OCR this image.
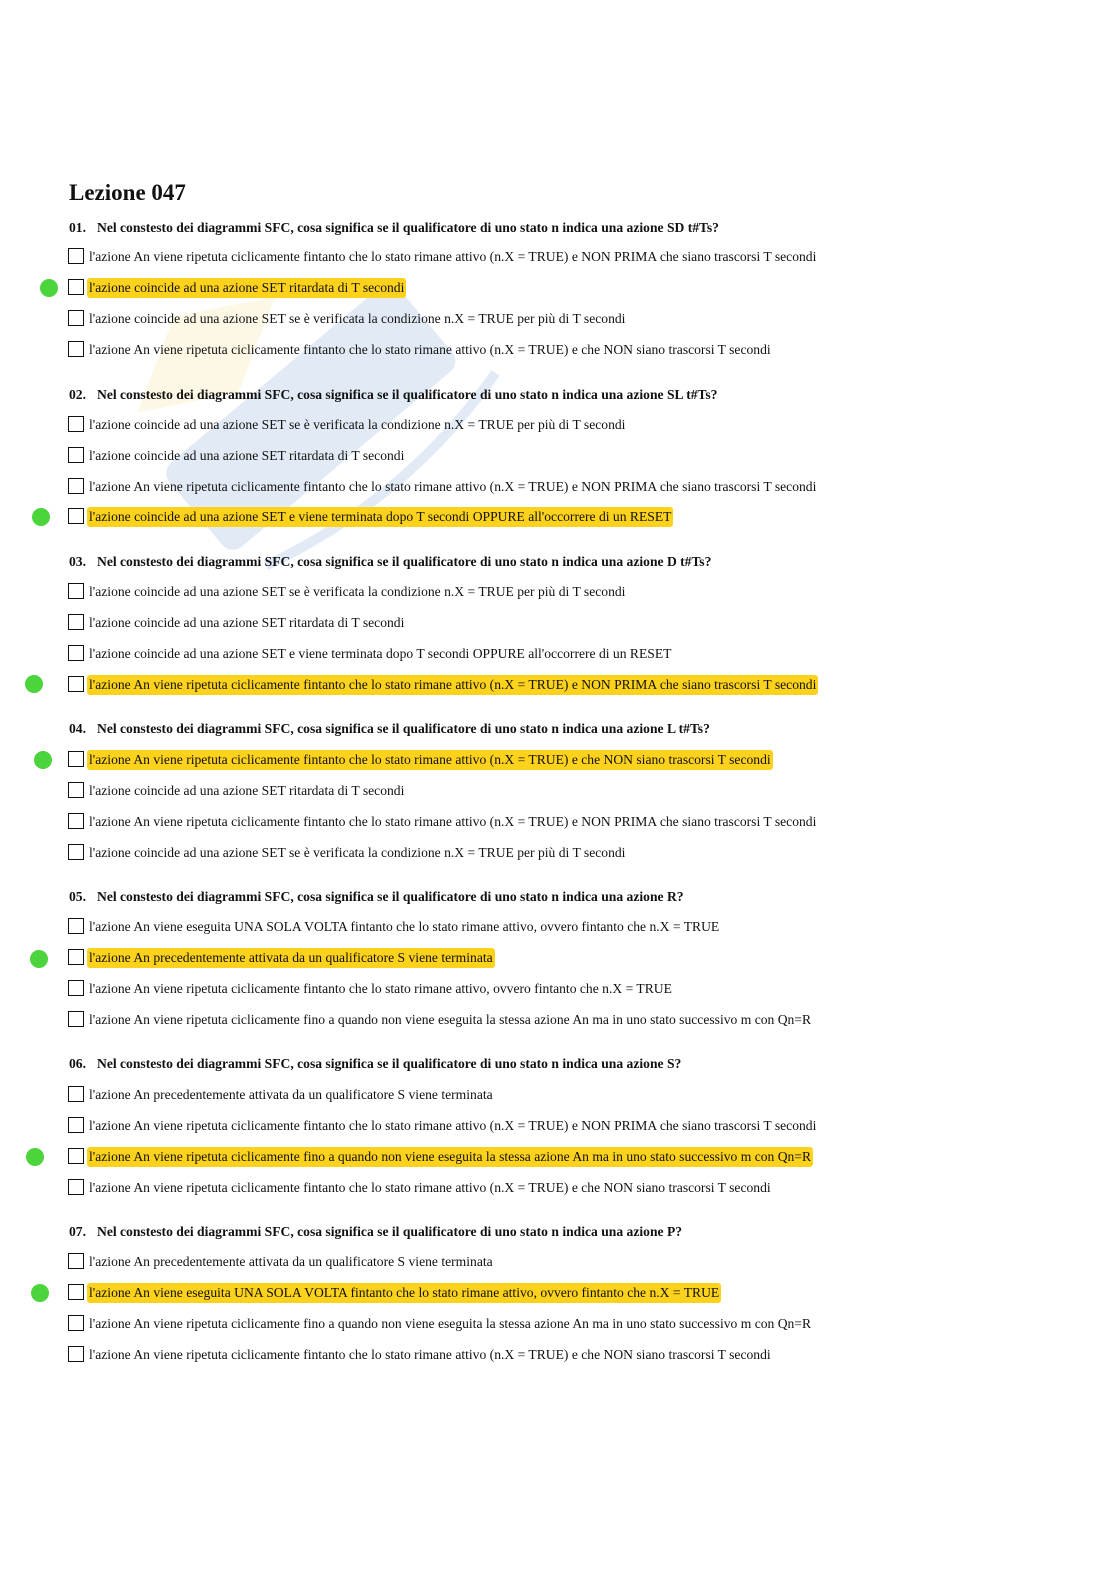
Lezione 047

01. Nel constesto dei diagrammi SFC, cosa significa se il qualificatore di uno stato n indica una azione SD t#Ts?

l'azione An viene ripetuta ciclicamente fintanto che lo stato rimane attivo (n.X = TRUE) e NON PRIMA che siano trascorsi T secondi
l'azione coincide ad una azione SET ritardata di T secondi
l'azione coincide ad una azione SET se è verificata la condizione n.X = TRUE per più di T secondi
l'azione An viene ripetuta ciclicamente fintanto che lo stato rimane attivo (n.X = TRUE) e che NON siano trascorsi T secondi

02. Nel constesto dei diagrammi SFC, cosa significa se il qualificatore di uno stato n indica una azione SL t#Ts?

l'azione coincide ad una azione SET se è verificata la condizione n.X = TRUE per più di T secondi
l'azione coincide ad una azione SET ritardata di T secondi
l'azione An viene ripetuta ciclicamente fintanto che lo stato rimane attivo (n.X = TRUE) e NON PRIMA che siano trascorsi T secondi
l'azione coincide ad una azione SET e viene terminata dopo T secondi OPPURE all'occorrere di un RESET

03. Nel constesto dei diagrammi SFC, cosa significa se il qualificatore di uno stato n indica una azione D t#Ts?

l'azione coincide ad una azione SET se è verificata la condizione n.X = TRUE per più di T secondi
l'azione coincide ad una azione SET ritardata di T secondi
l'azione coincide ad una azione SET e viene terminata dopo T secondi OPPURE all'occorrere di un RESET
l'azione An viene ripetuta ciclicamente fintanto che lo stato rimane attivo (n.X = TRUE) e NON PRIMA che siano trascorsi T secondi

04. Nel constesto dei diagrammi SFC, cosa significa se il qualificatore di uno stato n indica una azione L t#Ts?

l'azione An viene ripetuta ciclicamente fintanto che lo stato rimane attivo (n.X = TRUE) e che NON siano trascorsi T secondi
l'azione coincide ad una azione SET ritardata di T secondi
l'azione An viene ripetuta ciclicamente fintanto che lo stato rimane attivo (n.X = TRUE) e NON PRIMA che siano trascorsi T secondi
l'azione coincide ad una azione SET se è verificata la condizione n.X = TRUE per più di T secondi

05. Nel constesto dei diagrammi SFC, cosa significa se il qualificatore di uno stato n indica una azione R?

l'azione An viene eseguita UNA SOLA VOLTA fintanto che lo stato rimane attivo, ovvero fintanto che n.X = TRUE
l'azione An precedentemente attivata da un qualificatore S viene terminata
l'azione An viene ripetuta ciclicamente fintanto che lo stato rimane attivo, ovvero fintanto che n.X = TRUE
l'azione An viene ripetuta ciclicamente fino a quando non viene eseguita la stessa azione An ma in uno stato successivo m con Qn=R

06. Nel constesto dei diagrammi SFC, cosa significa se il qualificatore di uno stato n indica una azione S?

l'azione An precedentemente attivata da un qualificatore S viene terminata
l'azione An viene ripetuta ciclicamente fintanto che lo stato rimane attivo (n.X = TRUE) e NON PRIMA che siano trascorsi T secondi
l'azione An viene ripetuta ciclicamente fino a quando non viene eseguita la stessa azione An ma in uno stato successivo m con Qn=R
l'azione An viene ripetuta ciclicamente fintanto che lo stato rimane attivo (n.X = TRUE) e che NON siano trascorsi T secondi

07. Nel constesto dei diagrammi SFC, cosa significa se il qualificatore di uno stato n indica una azione P?

l'azione An precedentemente attivata da un qualificatore S viene terminata
l'azione An viene eseguita UNA SOLA VOLTA fintanto che lo stato rimane attivo, ovvero fintanto che n.X = TRUE
l'azione An viene ripetuta ciclicamente fino a quando non viene eseguita la stessa azione An ma in uno stato successivo m con Qn=R
l'azione An viene ripetuta ciclicamente fintanto che lo stato rimane attivo (n.X = TRUE) e che NON siano trascorsi T secondi
